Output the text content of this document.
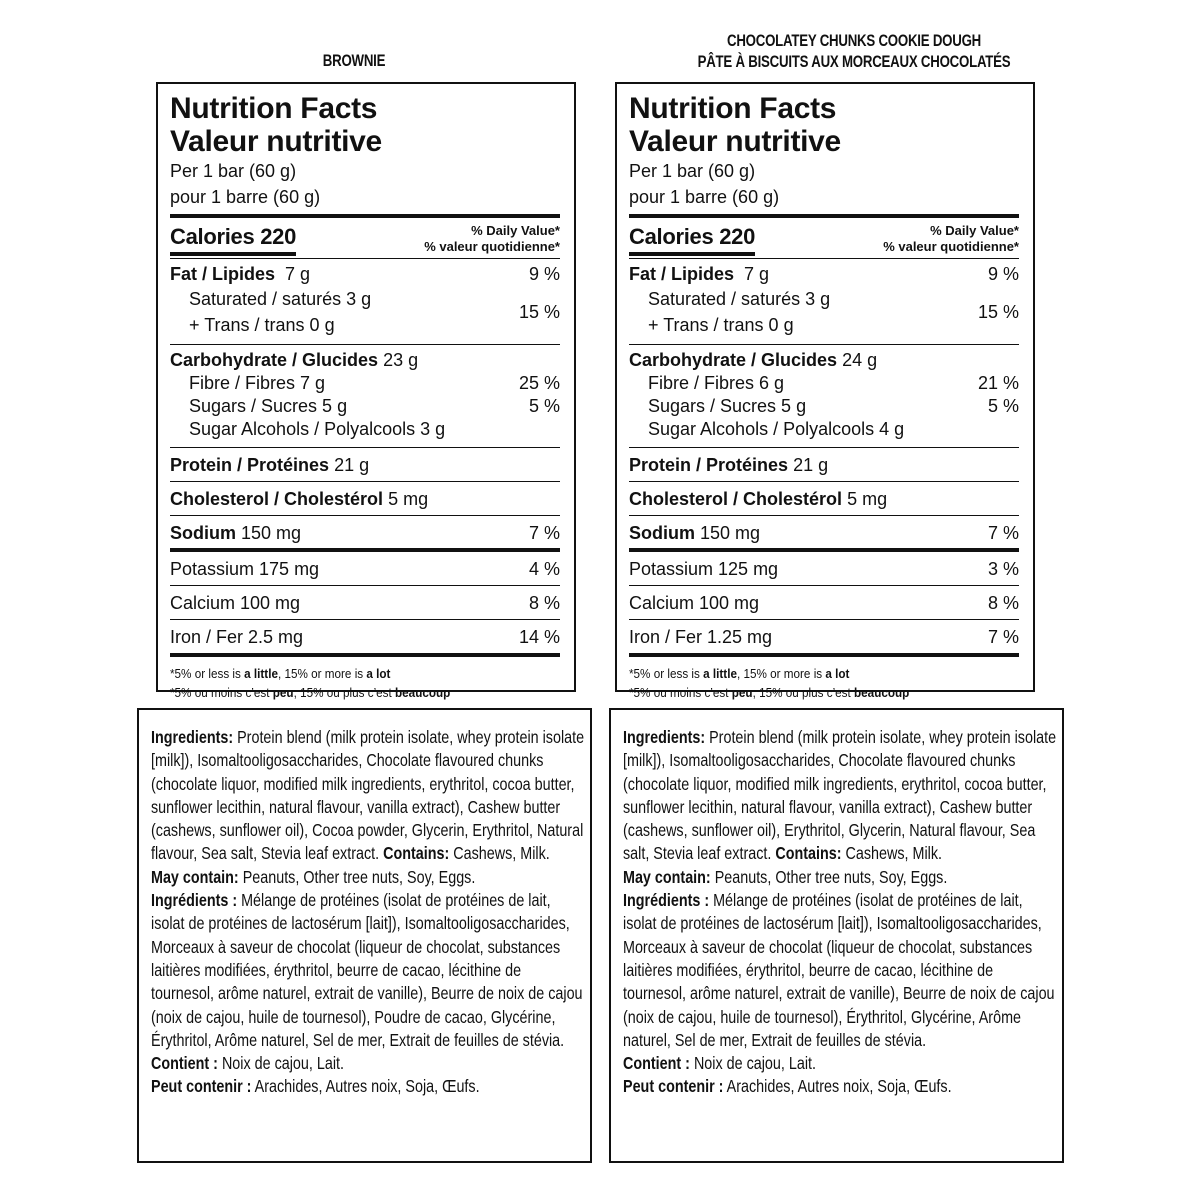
BROWNIE
Nutrition Facts
Valeur nutritive
Per 1 bar (60 g)
pour 1 barre (60 g)
Calories 220	% Daily Value*
% valeur quotidienne*
Fat / Lipides 7 g	9 %
Saturated / saturés 3 g
+ Trans / trans 0 g
15 %
Carbohydrate / Glucides 23 g
Fibre / Fibres 7 g	25 %
Sugars / Sucres 5 g	5 %
Sugar Alcohols / Polyalcools 3 g
Protein / Protéines 21 g
Cholesterol / Cholestérol 5 mg
Sodium 150 mg	7 %
Potassium 175 mg	4 %
Calcium 100 mg	8 %
Iron / Fer 2.5 mg	14 %
*5% or less is a little, 15% or more is a lot
*5% ou moins c’est peu, 15% ou plus c’est beaucoup

Ingredients: Protein blend (milk protein isolate, whey protein isolate [milk]), Isomaltooligosaccharides, Chocolate flavoured chunks (chocolate liquor, modified milk ingredients, erythritol, cocoa butter, sunflower lecithin, natural flavour, vanilla extract), Cashew butter (cashews, sunflower oil), Cocoa powder, Glycerin, Erythritol, Natural flavour, Sea salt, Stevia leaf extract. Contains: Cashews, Milk.

May contain: Peanuts, Other tree nuts, Soy, Eggs.

Ingrédients : Mélange de protéines (isolat de protéines de lait, isolat de protéines de lactosérum [lait]), Isomaltooligosaccharides, Morceaux à saveur de chocolat (liqueur de chocolat, substances laitières modifiées, érythritol, beurre de cacao, lécithine de tournesol, arôme naturel, extrait de vanille), Beurre de noix de cajou (noix de cajou, huile de tournesol), Poudre de cacao, Glycérine, Érythritol, Arôme naturel, Sel de mer, Extrait de feuilles de stévia.

Contient : Noix de cajou, Lait.

Peut contenir : Arachides, Autres noix, Soja, Œufs.

CHOCOLATEY CHUNKS COOKIE DOUGH
PÂTE À BISCUITS AUX MORCEAUX CHOCOLATÉS
Nutrition Facts
Valeur nutritive
Per 1 bar (60 g)
pour 1 barre (60 g)
Calories 220	% Daily Value*
% valeur quotidienne*
Fat / Lipides 7 g	9 %
Saturated / saturés 3 g
+ Trans / trans 0 g
15 %
Carbohydrate / Glucides 24 g
Fibre / Fibres 6 g	21 %
Sugars / Sucres 5 g	5 %
Sugar Alcohols / Polyalcools 4 g
Protein / Protéines 21 g
Cholesterol / Cholestérol 5 mg
Sodium 150 mg	7 %
Potassium 125 mg	3 %
Calcium 100 mg	8 %
Iron / Fer 1.25 mg	7 %
*5% or less is a little, 15% or more is a lot
*5% ou moins c’est peu, 15% ou plus c’est beaucoup

Ingredients: Protein blend (milk protein isolate, whey protein isolate [milk]), Isomaltooligosaccharides, Chocolate flavoured chunks (chocolate liquor, modified milk ingredients, erythritol, cocoa butter, sunflower lecithin, natural flavour, vanilla extract), Cashew butter (cashews, sunflower oil), Erythritol, Glycerin, Natural flavour, Sea salt, Stevia leaf extract. Contains: Cashews, Milk.

May contain: Peanuts, Other tree nuts, Soy, Eggs.

Ingrédients : Mélange de protéines (isolat de protéines de lait, isolat de protéines de lactosérum [lait]), Isomaltooligosaccharides, Morceaux à saveur de chocolat (liqueur de chocolat, substances laitières modifiées, érythritol, beurre de cacao, lécithine de tournesol, arôme naturel, extrait de vanille), Beurre de noix de cajou (noix de cajou, huile de tournesol), Érythritol, Glycérine, Arôme naturel, Sel de mer, Extrait de feuilles de stévia.

Contient : Noix de cajou, Lait.

Peut contenir : Arachides, Autres noix, Soja, Œufs.
